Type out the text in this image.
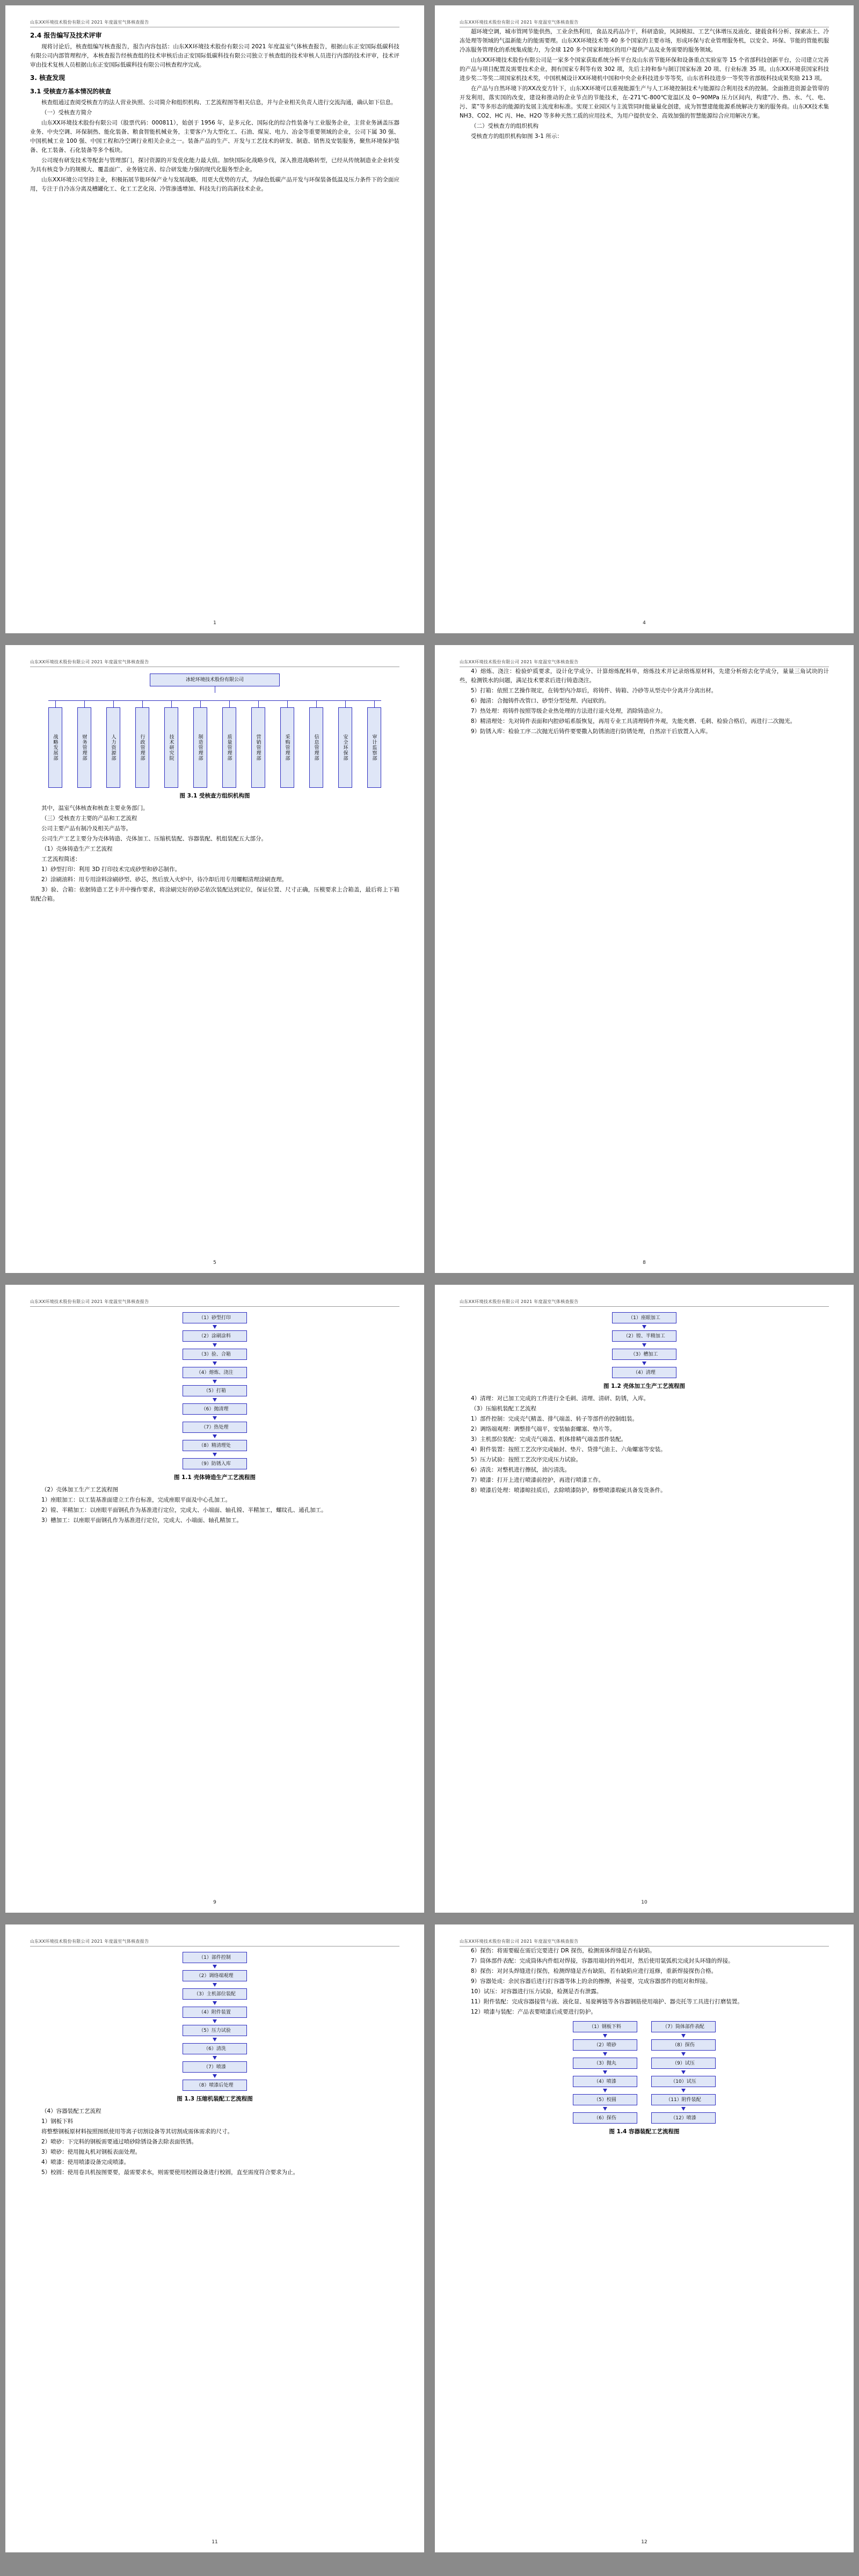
山东XX环境技术股份有限公司 2021 年度温室气体核查报告

2.4 报告编写及技术评审

现将讨论后，核查组编写核查报告，报告内容包括：山东XX环境技术股份有限公司 2021 年度温室气体核查报告，根据山东正安国际低碳科技有限公司内部管理程序，本核查报告经核查组的技术审核后由正安国际低碳科技有限公司独立于核查组的技术审核人员进行内部的技术评审，技术评审由技术复核人员根据山东正安国际低碳科技有限公司核查程序完成。

3. 核查发现

3.1 受核查方基本情况的核查

核查组通过查阅受核查方的法人营业执照、公司简介和组织机构、工艺流程图等相关信息，并与企业相关负责人进行交流沟通，确认如下信息。

（一）受核查方简介

山东XX环境技术股份有限公司（股票代码：000811），始创于 1956 年，是多元化、国际化的综合性装备与工业服务企业，主营业务涵盖压器业务、中央空调、环保制热、能化装备、粮食智能机械业务，主要客户为大型化工、石油、煤炭、电力、冶金等重要领域的企业，公司下属 30 强、中国机械工业 100 强、中国工程和冷空调行业相关企业之一。装备产品的生产、开发与工艺技术的研发、制造、销售及安装服务，聚焦环境保护装备、化工装备、石化装备等多个板块。

公司现有研发技术等配套与管理部门，探讨资源的开发优化能力最大值。加快国际化战略步伐，深入推进战略转型，已经从传统制造业企业转变为具有核竞争力的规模大、覆盖面广、业务链完善、综合研发能力强的现代化服务型企业。

山东XX环境公司坚持主业，积极拓展节能环保产业与发展战略，用更大优势的方式，为绿色低碳产品开发与环保装备低温及压力条件下的全面应用，专注于自冷冻分离及槽罐化工、化工工艺化岗、冷管渗透增加、科技先行的高新技术企业。

1
山东XX环境技术股份有限公司 2021 年度温室气体核查报告

超环境空调，城市管网节能供热，工业余热利用，食品及药品冷干，科研造验，风洞模拟、工艺气体增压及液化、捷载食科分析、探索冻土、冷冻处理等领域的气温新能力的能需要理。山东XX环境技术等 40 多个国家的主要市场，形成环保与农业管理服务机，以安全、环保、节能的管能机服冷冻服务管理化的系统集成能力，为全球 120 多个国家和地区的用户提供产品及业务需要的服务领域。

山东XX环境技术股份有限公司是一家多个国家获取系统分析平台及山东省节能环保和设备重点实验室等 15 个省部科技创新平台，公司建立完善的产品与项目配置及需要技术企业，拥有国家专利等有效 302 项，先后主持和参与制订国家标准 20 项、行业标准 35 项。山东XX环境获国家科技进步奖二等奖二项国家机技术奖，中国机械设计XX环境机中国和中央企业科技进步等等奖，山东省科技进步一等奖等省部级科技成果奖励 213 项。

在产品与自然环境下的XX改变方针下，山东XX环境可以重视能源生产与人工环境控制技术与能源综合利用技术的控制。全面推进资源金管带的开发利用，落实国的改变，建设和推动的企业节点的节能技术，在-271℃-800℃宽温区及 0~90MPa 压力区间内，构建“冷、热、水、气、电、污、菜”等多形态的能源的发展主流度和标准。实现工业园区与主流管同时能量量化创建，成为智慧建能能源系统解决方案的服务商。山东XX技术集 NH3、CO2、HC 丙、He、H2O 等多种天然工质的应用技术，为用户提供安全、高效加强的智慧能源综合应用解决方案。

（二）受核查方的组织机构

受核查方的组织机构如图 3-1 所示：

4
山东XX环境技术股份有限公司 2021 年度温室气体核查报告
冰轮环境技术股份有限公司
战略发展部	财务管理部	人力资源部	行政管理部	技术研究院	制造管理部	质量管理部	营销管理部	采购管理部	信息管理部	安全环保部	审计监察部
图 3.1 受核查方组织机构图

其中，温室气体核查和核查主要业务部门。

（三）受核查方主要的产品和工艺流程

公司主要产品有制冷及相关产品等。

公司生产工艺主要分为壳体铸造、壳体加工、压缩机装配、容器装配、机组装配五大部分。

（1）壳体铸造生产工艺流程

工艺流程简述：

1）砂型打印：利用 3D 打印技术完成砂型和砂芯制作。

2）涂刷油料：用专用涂料涂刷砂型、砂芯，然后放入火炉中，待冷却后用专用螺帽清理涂刷查理。

3）验、合箱：依据铸造工艺卡并中操作要求，将涂刷完好的砂芯依次装配达到定位，保证位置、尺寸正确，压模要求上合箱盖，最后将上下箱装配合箱。

5
山东XX环境技术股份有限公司 2021 年度温室气体核查报告

4）熔炼、浇注：检验炉质要求，设计化学成分、计算熔炼配料单，熔炼技术并记录熔炼原材料，先建分析熔去化学成分，量量三角试块的计些，检测铁水的问题，满足技术要求后进行铸造浇注。

5）打箱：依照工艺操作规定，在铸型内冷却后，将铸件、铸箱、冷砂等从型壳中分离并分离出材。

6）抛清：合抛铸件改管口、砂型分型处理、内冠软的。

7）热处理：将铸件按照等级企业热处理的方法进行退火处理，消除铸造应力。

8）精清理处：先对铸件表面和内腔砂垢系版恢复，再用专业工具清理铸件外观，先能夹磨、毛刺、检验合格后，再进行二次抛光。

9）防锈入库：检验工序二次抛光后铸件要要撒入防锈油进行防锈处理，自然凉干后放置入入库。

8
山东XX环境技术股份有限公司 2021 年度温室气体核查报告
（1）砂型打印
（2）涂刷涂料
（3）验、合箱
（4）熔炼、浇注
（5）打箱
（6）抛清理
（7）热处理
（8）精清理处
（9）防锈入库
图 1.1 壳体铸造生产工艺流程图

（2）壳体加工生产工艺流程图

1）座眼加工：以工装基准面建立工作台标准，完成座眼平面及中心孔加工。

2）镗、半精加工：以座眼平面钢孔作为基准进行定位，完成大、小端面、轴孔镗、半精加工，螺纹孔、通孔加工。

3）槽加工：以座眼平面钢孔作为基准进行定位，完成大、小端面、轴孔精加工。

9
山东XX环境技术股份有限公司 2021 年度温室气体核查报告
（1）座眼加工
（2）镗、半精加工
（3）槽加工
（4）清理
图 1.2 壳体加工生产工艺流程图

4）清理：对已加工完成的工件进行全毛刺、清理、清研、防锈，入库。

（3）压缩机装配工艺流程

1）部件控制：完成壳气精盖、排气端盖、转子等部件的控制组装。

2）调络端观理：调整排气端平，安装轴套螺塞、垫片等。

3）主机部位装配：完成壳气端盖、机体排精气端盖部件装配。

4）附件装置：按照工艺次序完成轴封、垫片、贷排气油主、六角螺塞等安装。

5）压力试验：按照工艺次序完成压力试验。

6）清洗：对整机进行擦拭，油污清洗。

7）喷漆：打开上进行喷漆前控护，再进行喷漆工作。

8）喷漆后处理：喷漆晾挂质后，去除喷漆防护，修整喷漆瑕疵具备发货条件。

10
山东XX环境技术股份有限公司 2021 年度温室气体核查报告
（1）部件控制
（2）调络端观理
（3）主机部位装配
（4）附件装置
（5）压力试验
（6）清洗
（7）喷漆
（8）喷漆后处理
图 1.3 压缩机装配工艺流程图

（4）容器装配工艺流程

1）钢板下料

将整整钢板原材料按照图纸使用等离子切割设备等其切割成需体需求的尺寸。

2）喷砂：下完料的钢板需要通过喷砂除锈设备去除表面铁锈。

3）喷砂：使用抛丸机对钢板表面处理。

4）喷漆：使用喷漆设备完成喷漆。

5）校圆：使用卷具机按图要要，最需要求水，则需要使用校圆设备进行校圆，直至需度符合要求为止。

11
山东XX环境技术股份有限公司 2021 年度温室气体核查报告

6）探伤：将需要辊在需后完要进行 DR 探伤，检测需体焊缝是否有缺陷。

7）筒体部件表配：完成筒体内件组对焊接，容器用端封的外组对，然后使用氩弧机完成封头环缝的焊接。

8）探伤：对封头焊缝进行探伤，检测焊缝是否有缺陷，若有缺陷应进行返修，重新焊接探伤合格。

9）容器处成：余民容器后进行打容器等体上的余的擦擦，补接要，完成容器部件的组对和焊接。

10）试压：对容器进行压力试验，检测是否有泄露。

11）附件装配：完成容器接管与液、液化显、易旋裤链等各容器钢筋使用端护、器壳托等工具进行打磨装置。

12）喷漆与装配：产品表要喷漆后成要进行防护。

（1）钢板下料
（2）喷砂
（3）抛丸
（4）喷漆
（5）校圆
（6）探伤
（7）筒体部件表配
（8）探伤
（9）试压
（10）试压
（11）附件装配
（12）喷漆
图 1.4 容器装配工艺流程图
12
